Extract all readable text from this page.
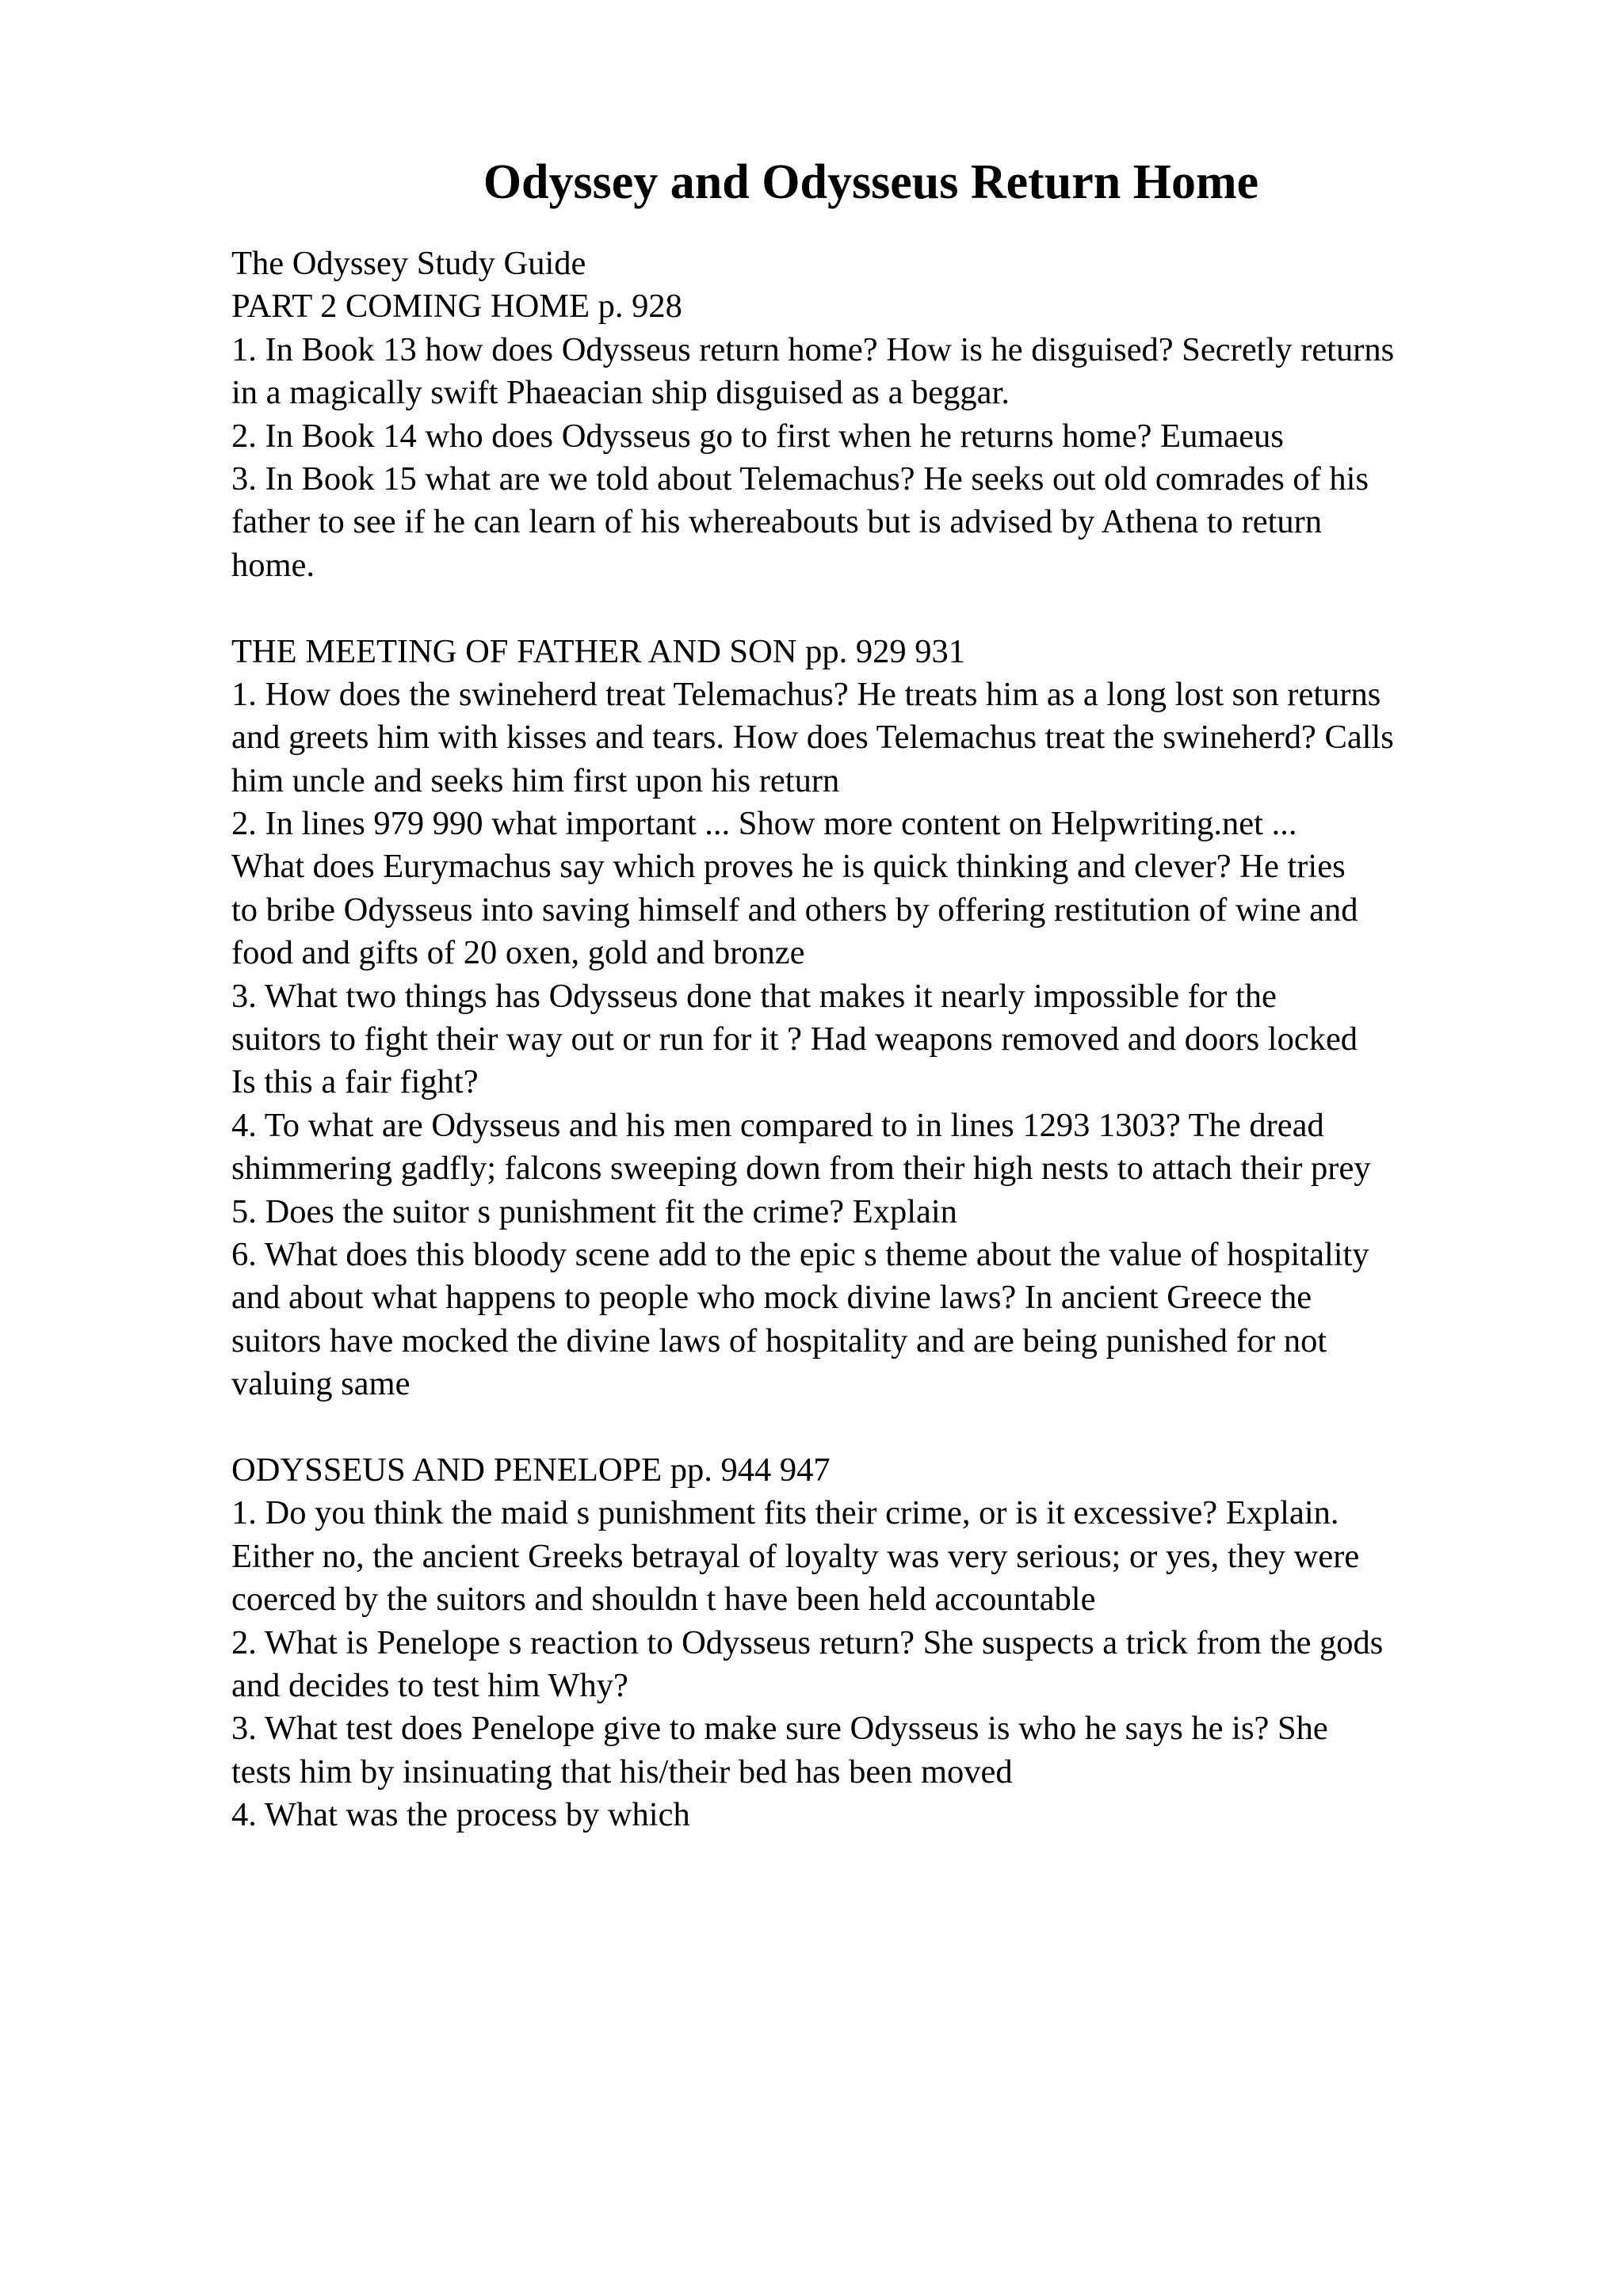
Odyssey and Odysseus Return Home
The Odyssey Study Guide
PART 2 COMING HOME p. 928
1. In Book 13 how does Odysseus return home? How is he disguised? Secretly returns
in a magically swift Phaeacian ship disguised as a beggar.
2. In Book 14 who does Odysseus go to first when he returns home? Eumaeus
3. In Book 15 what are we told about Telemachus? He seeks out old comrades of his
father to see if he can learn of his whereabouts but is advised by Athena to return
home.
THE MEETING OF FATHER AND SON pp. 929 931
1. How does the swineherd treat Telemachus? He treats him as a long lost son returns
and greets him with kisses and tears. How does Telemachus treat the swineherd? Calls
him uncle and seeks him first upon his return
2. In lines 979 990 what important ... Show more content on Helpwriting.net ...
What does Eurymachus say which proves he is quick thinking and clever? He tries
to bribe Odysseus into saving himself and others by offering restitution of wine and
food and gifts of 20 oxen, gold and bronze
3. What two things has Odysseus done that makes it nearly impossible for the
suitors to fight their way out or run for it ? Had weapons removed and doors locked
Is this a fair fight?
4. To what are Odysseus and his men compared to in lines 1293 1303? The dread
shimmering gadfly; falcons sweeping down from their high nests to attach their prey
5. Does the suitor s punishment fit the crime? Explain
6. What does this bloody scene add to the epic s theme about the value of hospitality
and about what happens to people who mock divine laws? In ancient Greece the
suitors have mocked the divine laws of hospitality and are being punished for not
valuing same
ODYSSEUS AND PENELOPE pp. 944 947
1. Do you think the maid s punishment fits their crime, or is it excessive? Explain.
Either no, the ancient Greeks betrayal of loyalty was very serious; or yes, they were
coerced by the suitors and shouldn t have been held accountable
2. What is Penelope s reaction to Odysseus return? She suspects a trick from the gods
and decides to test him Why?
3. What test does Penelope give to make sure Odysseus is who he says he is? She
tests him by insinuating that his/their bed has been moved
4. What was the process by which
